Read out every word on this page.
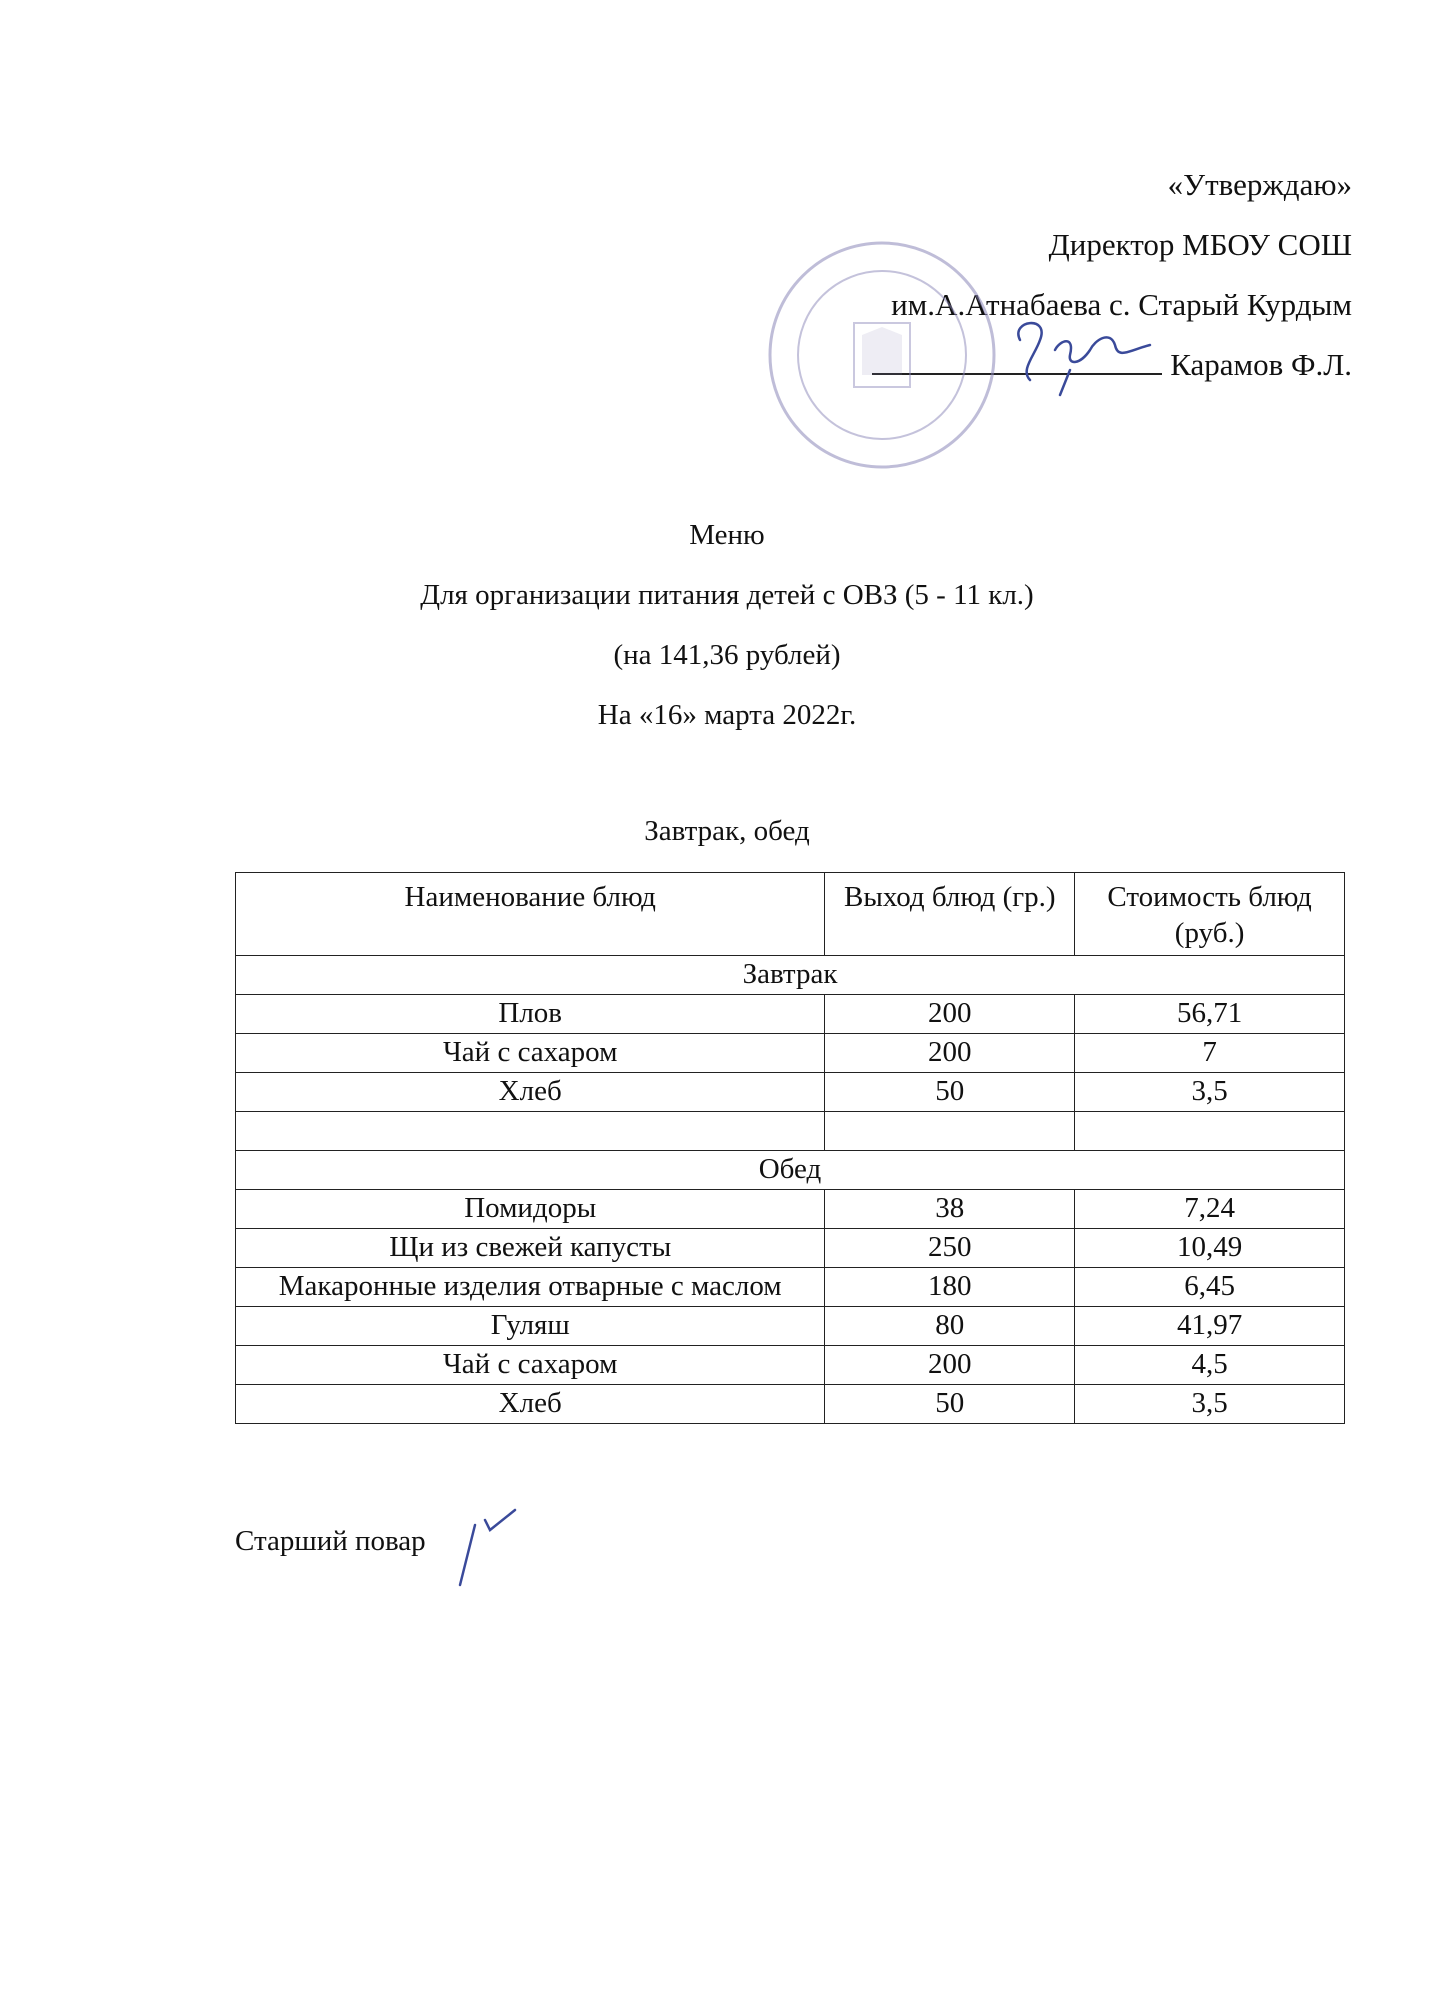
«Утверждаю»
Директор МБОУ СОШ
им.А.Атнабаева с. Старый Курдым
Карамов Ф.Л.
Меню
Для организации питания детей с ОВЗ (5 - 11 кл.)
(на 141,36 рублей)
На «16» марта 2022г.
Завтрак, обед
Наименование блюд	Выход блюд (гр.)	Стоимость блюд (руб.)
Завтрак		
Плов	200	56,71
Чай с сахаром	200	7
Хлеб	50	3,5

Обед		
Помидоры	38	7,24
Щи из свежей капусты	250	10,49
Макаронные изделия отварные с маслом	180	6,45
Гуляш	80	41,97
Чай с сахаром	200	4,5
Хлеб	50	3,5
Старший повар
